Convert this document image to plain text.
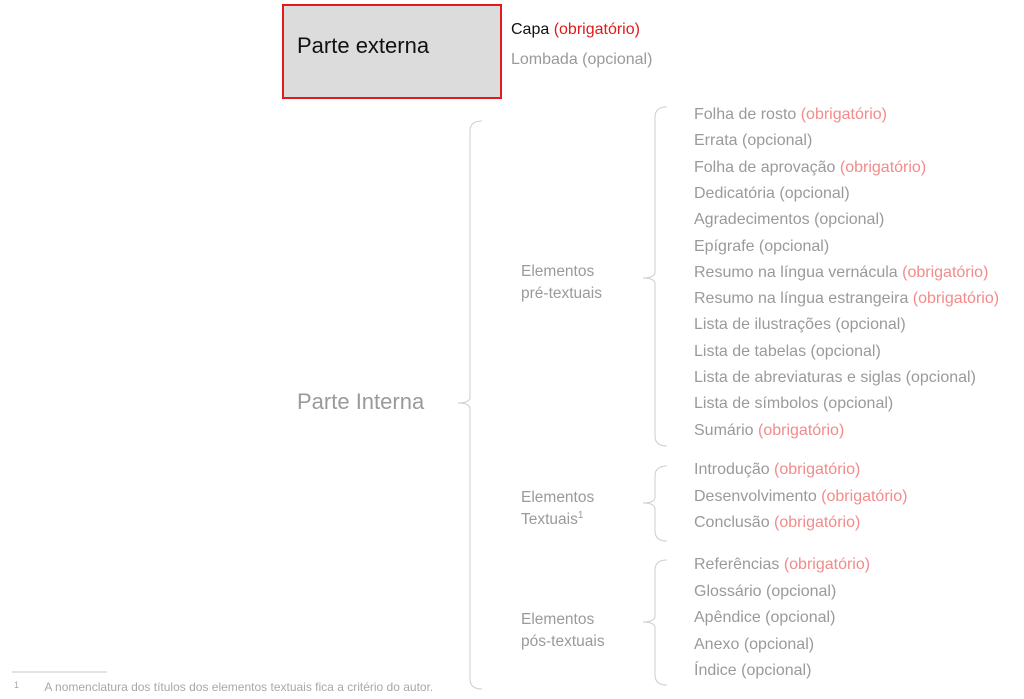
Parte externa
Parte Interna
Capa (obrigatório)
Lombada (opcional)
Folha de rosto (obrigatório)
Errata (opcional)
Folha de aprovação (obrigatório)
Dedicatória (opcional)
Agradecimentos (opcional)
Epígrafe (opcional)
Resumo na língua vernácula (obrigatório)
Resumo na língua estrangeira (obrigatório)
Lista de ilustrações (opcional)
Lista de tabelas (opcional)
Lista de abreviaturas e siglas (opcional)
Lista de símbolos (opcional)
Sumário (obrigatório)
Introdução (obrigatório)
Desenvolvimento (obrigatório)
Conclusão (obrigatório)
Referências (obrigatório)
Glossário (opcional)
Apêndice (opcional)
Anexo (opcional)
Índice (opcional)
Elementos
pré-textuais
Elementos
Textuais$^1$
Elementos
pós-textuais
$^1$ A nomenclatura dos títulos dos elementos textuais fica a critério do autor.
